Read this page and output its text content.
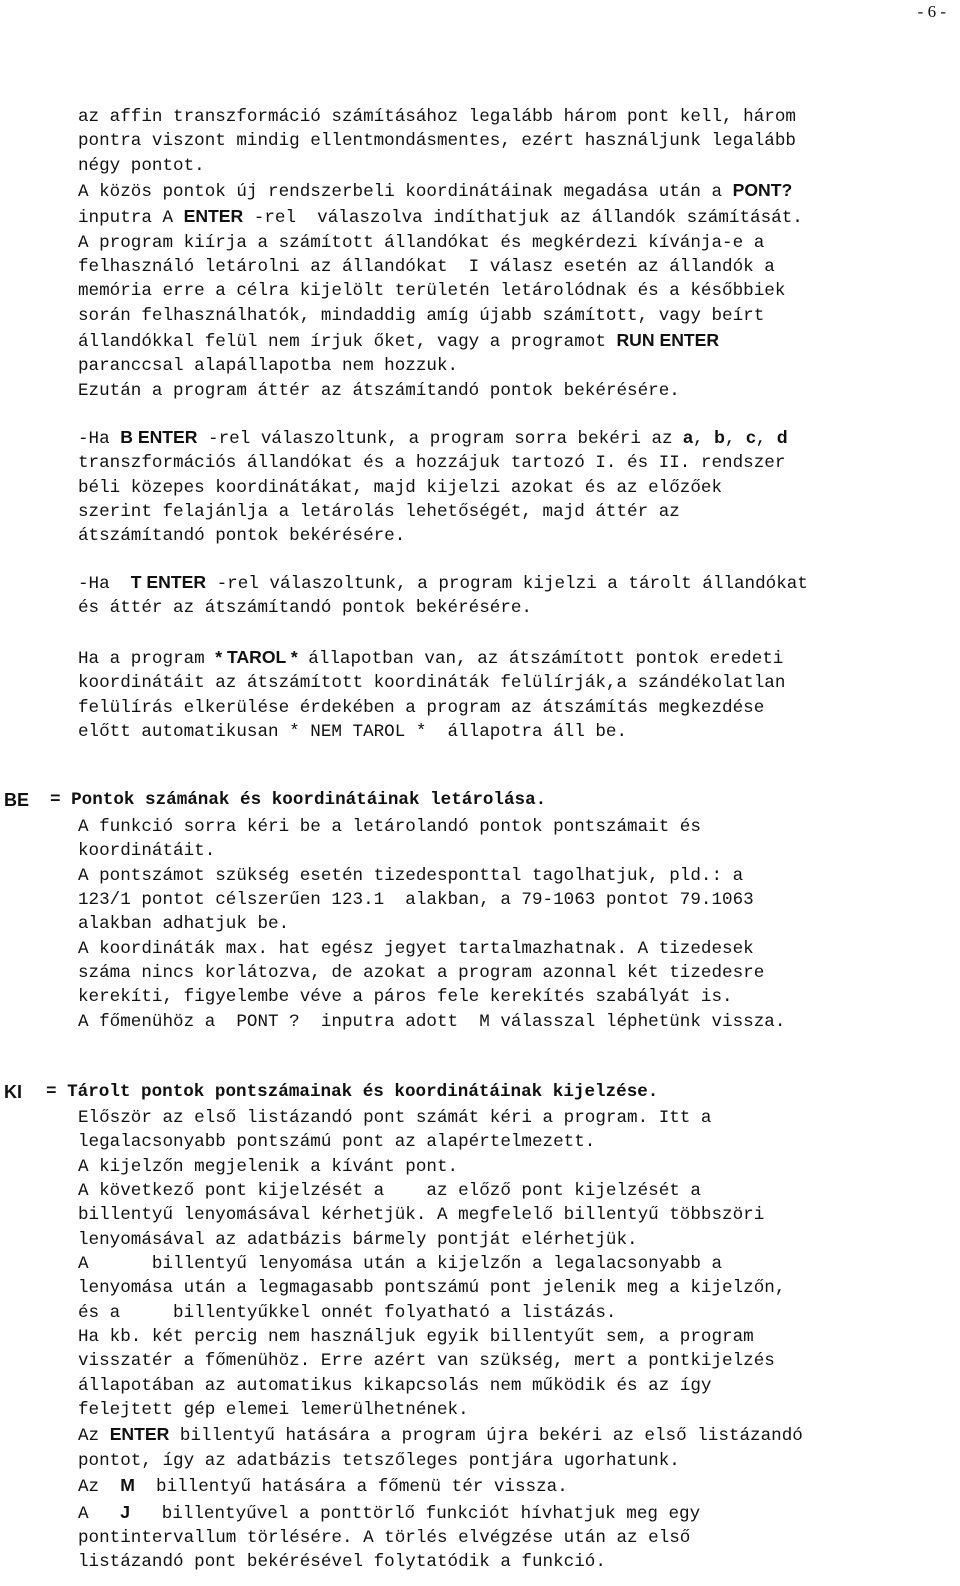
- 6 -
az affin transzformáció számításához legalább három pont kell, három
pontra viszont mindig ellentmondásmentes, ezért használjunk legalább
négy pontot.
A közös pontok új rendszerbeli koordinátáinak megadása után a PONT?
inputra A ENTER -rel  válaszolva indíthatjuk az állandók számítását.
A program kiírja a számított állandókat és megkérdezi kívánja-e a
felhasználó letárolni az állandókat  I válasz esetén az állandók a
memória erre a célra kijelölt területén letárolódnak és a későbbiek
során felhasználhatók, mindaddig amíg újabb számított, vagy beírt
állandókkal felül nem írjuk őket, vagy a programot RUN ENTER
paranccsal alapállapotba nem hozzuk.
Ezután a program áttér az átszámítandó pontok bekérésére.
-Ha B ENTER -rel válaszoltunk, a program sorra bekéri az a, b, c, d
transzformációs állandókat és a hozzájuk tartozó I. és II. rendszer
béli közepes koordinátákat, majd kijelzi azokat és az előzőek
szerint felajánlja a letárolás lehetőségét, majd áttér az
átszámítandó pontok bekérésére.
-Ha  T ENTER -rel válaszoltunk, a program kijelzi a tárolt állandókat
és áttér az átszámítandó pontok bekérésére.
Ha a program * TAROL * állapotban van, az átszámított pontok eredeti
koordinátáit az átszámított koordináták felülírják,a szándékolatlan
felülírás elkerülése érdekében a program az átszámítás megkezdése
előtt automatikusan * NEM TAROL *  állapotra áll be.
BE = Pontok számának és koordinátáinak letárolása.
A funkció sorra kéri be a letárolandó pontok pontszámait és
koordinátáit.
A pontszámot szükség esetén tizedesponttal tagolhatjuk, pld.: a
123/1 pontot célszerűen 123.1  alakban, a 79-1063 pontot 79.1063
alakban adhatjuk be.
A koordináták max. hat egész jegyet tartalmazhatnak. A tizedesek
száma nincs korlátozva, de azokat a program azonnal két tizedesre
kerekíti, figyelembe véve a páros fele kerekítés szabályát is.
A főmenühöz a  PONT ?  inputra adott  M válasszal léphetünk vissza.
KI = Tárolt pontok pontszámainak és koordinátáinak kijelzése.
Először az első listázandó pont számát kéri a program. Itt a
legalacsonyabb pontszámú pont az alapértelmezett.
A kijelzőn megjelenik a kívánt pont.
A következő pont kijelzését a    az előző pont kijelzését a
billentyű lenyomásával kérhetjük. A megfelelő billentyű többszöri
lenyomásával az adatbázis bármely pontját elérhetjük.
A      billentyű lenyomása után a kijelzőn a legalacsonyabb a
lenyomása után a legmagasabb pontszámú pont jelenik meg a kijelzőn,
és a     billentyűkkel onnét folyatható a listázás.
Ha kb. két percig nem használjuk egyik billentyűt sem, a program
visszatér a főmenühöz. Erre azért van szükség, mert a pontkijelzés
állapotában az automatikus kikapcsolás nem működik és az így
felejtett gép elemei lemerülhetnének.
Az ENTER billentyű hatására a program újra bekéri az első listázandó
pontot, így az adatbázis tetszőleges pontjára ugorhatunk.
Az  M  billentyű hatására a főmenü tér vissza.
A   J   billentyűvel a ponttörlő funkciót hívhatjuk meg egy
pontintervallum törlésére. A törlés elvégzése után az első
listázandó pont bekérésével folytatódik a funkció.
